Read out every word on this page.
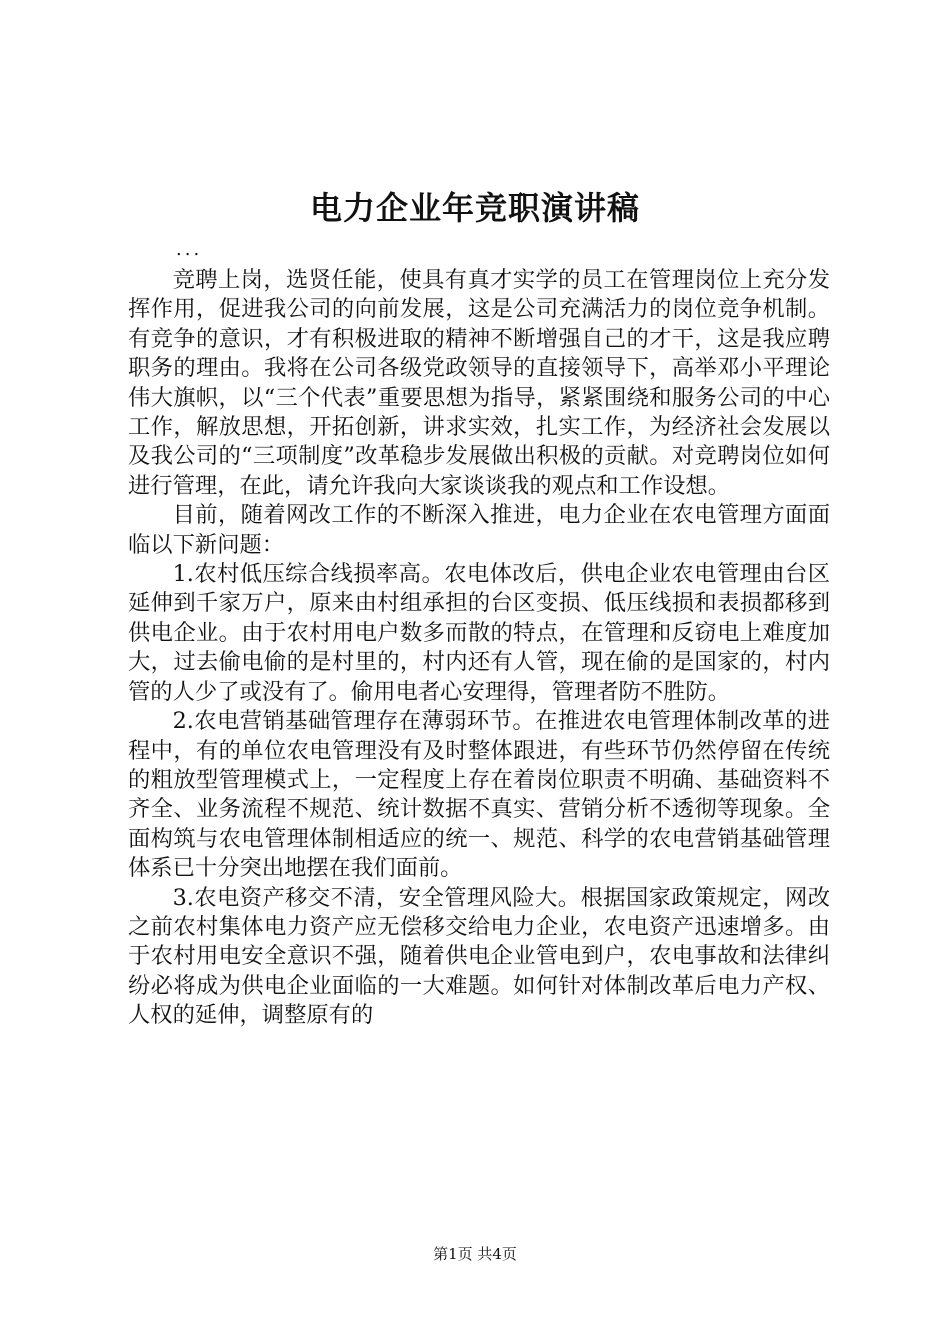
电力企业年竞职演讲稿
...

竞聘上岗，选贤任能，使具有真才实学的员工在管理岗位上充分发挥作用，促进我公司的向前发展，这是公司充满活力的岗位竞争机制。有竞争的意识，才有积极进取的精神不断增强自己的才干，这是我应聘职务的理由。我将在公司各级党政领导的直接领导下，高举邓小平理论伟大旗帜，以“三个代表”重要思想为指导，紧紧围绕和服务公司的中心工作，解放思想，开拓创新，讲求实效，扎实工作，为经济社会发展以及我公司的“三项制度”改革稳步发展做出积极的贡献。对竞聘岗位如何进行管理，在此，请允许我向大家谈谈我的观点和工作设想。

目前，随着网改工作的不断深入推进，电力企业在农电管理方面面临以下新问题：

1.农村低压综合线损率高。农电体改后，供电企业农电管理由台区延伸到千家万户，原来由村组承担的台区变损、低压线损和表损都移到供电企业。由于农村用电户数多而散的特点，在管理和反窃电上难度加大，过去偷电偷的是村里的，村内还有人管，现在偷的是国家的，村内管的人少了或没有了。偷用电者心安理得，管理者防不胜防。

2.农电营销基础管理存在薄弱环节。在推进农电管理体制改革的进程中，有的单位农电管理没有及时整体跟进，有些环节仍然停留在传统的粗放型管理模式上，一定程度上存在着岗位职责不明确、基础资料不齐全、业务流程不规范、统计数据不真实、营销分析不透彻等现象。全面构筑与农电管理体制相适应的统一、规范、科学的农电营销基础管理体系已十分突出地摆在我们面前。

3.农电资产移交不清，安全管理风险大。根据国家政策规定，网改之前农村集体电力资产应无偿移交给电力企业，农电资产迅速增多。由于农村用电安全意识不强，随着供电企业管电到户，农电事故和法律纠纷必将成为供电企业面临的一大难题。如何针对体制改革后电力产权、人权的延伸，调整原有的

第1页 共4页
